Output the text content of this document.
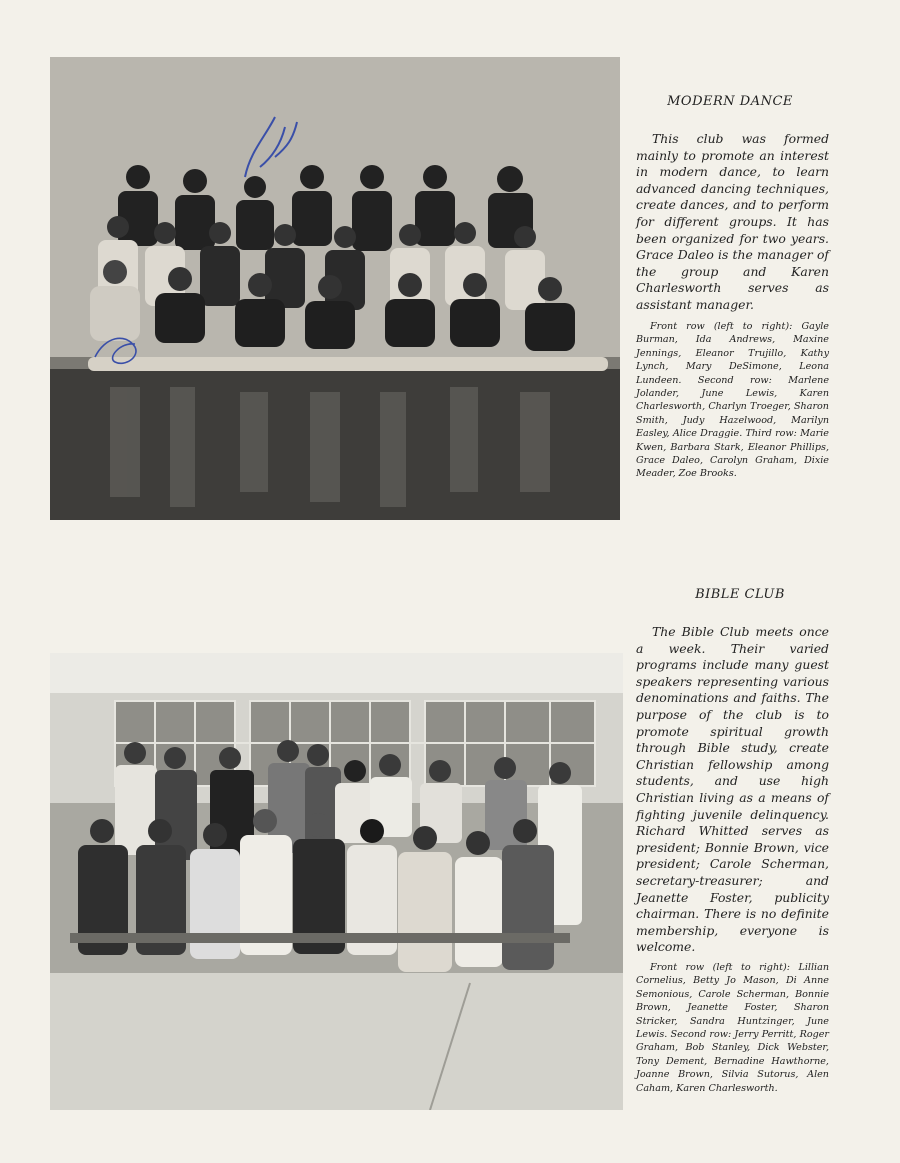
MODERN DANCE

This club was formed mainly to promote an interest in modern dance, to learn advanced dancing techniques, create dances, and to perform for different groups. It has been organized for two years. Grace Daleo is the manager of the group and Karen Charlesworth serves as assistant manager.

Front row (left to right): Gayle Burman, Ida Andrews, Maxine Jennings, Eleanor Trujillo, Kathy Lynch, Mary DeSimone, Leona Lundeen. Second row: Marlene Jolander, June Lewis, Karen Charlesworth, Charlyn Troeger, Sharon Smith, Judy Hazelwood, Marilyn Easley, Alice Draggie. Third row: Marie Kwen, Barbara Stark, Eleanor Phillips, Grace Daleo, Carolyn Graham, Dixie Meader, Zoe Brooks.

BIBLE CLUB

The Bible Club meets once a week. Their varied programs include many guest speakers representing various denominations and faiths. The purpose of the club is to promote spiritual growth through Bible study, create Christian fellowship among students, and use high Christian living as a means of fighting juvenile delinquency. Richard Whitted serves as president; Bonnie Brown, vice president; Carole Scherman, secretary-treasurer; and Jeanette Foster, publicity chairman. There is no definite membership, everyone is welcome.

Front row (left to right): Lillian Cornelius, Betty Jo Mason, Di Anne Semonious, Carole Scherman, Bonnie Brown, Jeanette Foster, Sharon Stricker, Sandra Huntzinger, June Lewis. Second row: Jerry Perritt, Roger Graham, Bob Stanley, Dick Webster, Tony Dement, Bernadine Hawthorne, Joanne Brown, Silvia Sutorus, Alen Caham, Karen Charlesworth.
